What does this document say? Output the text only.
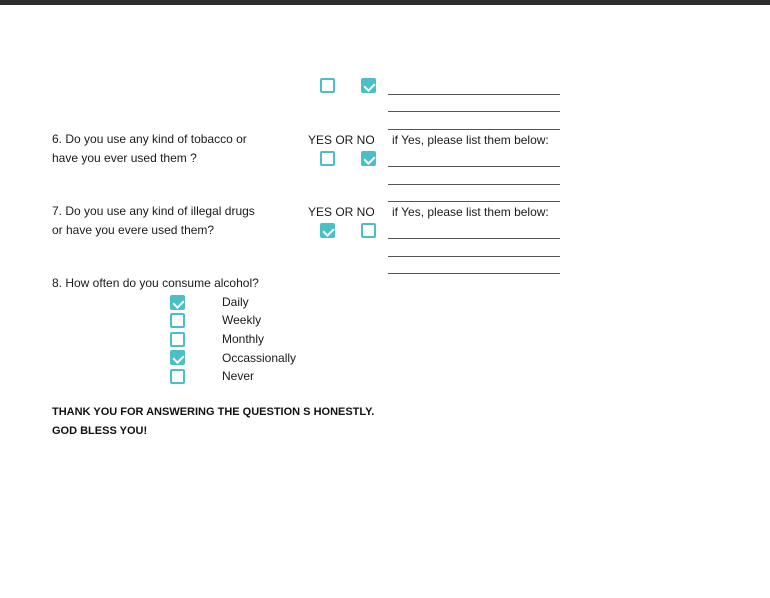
6. Do you use any kind of tobacco or
have you ever used them ?
YES OR NO if Yes, please list them below:
7. Do you use any kind of illegal drugs
or have you evere used them?
YES OR NO if Yes, please list them below:
8. How often do you consume alcohol?
Daily
Weekly
Monthly
Occassionally
Never
THANK YOU FOR ANSWERING THE QUESTION S HONESTLY.
GOD BLESS YOU!
